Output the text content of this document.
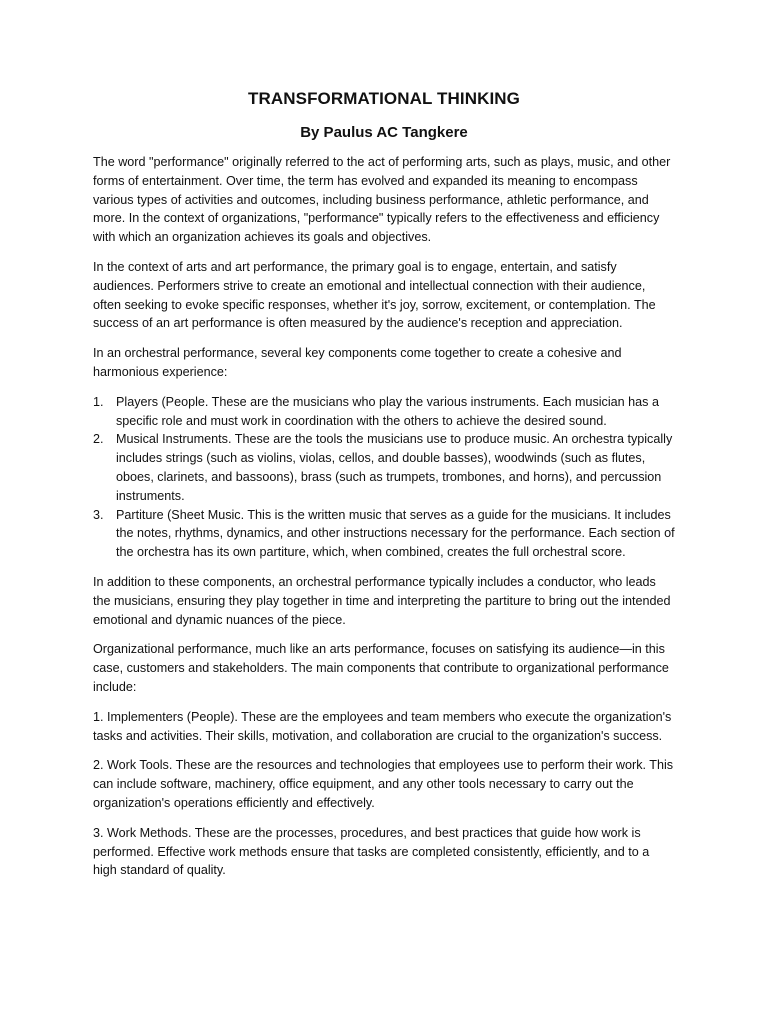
TRANSFORMATIONAL THINKING
By Paulus AC Tangkere

The word "performance" originally referred to the act of performing arts, such as plays, music, and other forms of entertainment. Over time, the term has evolved and expanded its meaning to encompass various types of activities and outcomes, including business performance, athletic performance, and more. In the context of organizations, "performance" typically refers to the effectiveness and efficiency with which an organization achieves its goals and objectives.

In the context of arts and art performance, the primary goal is to engage, entertain, and satisfy audiences. Performers strive to create an emotional and intellectual connection with their audience, often seeking to evoke specific responses, whether it's joy, sorrow, excitement, or contemplation. The success of an art performance is often measured by the audience's reception and appreciation.

In an orchestral performance, several key components come together to create a cohesive and harmonious experience:

1. Players (People. These are the musicians who play the various instruments. Each musician has a specific role and must work in coordination with the others to achieve the desired sound.
2. Musical Instruments. These are the tools the musicians use to produce music. An orchestra typically includes strings (such as violins, violas, cellos, and double basses), woodwinds (such as flutes, oboes, clarinets, and bassoons), brass (such as trumpets, trombones, and horns), and percussion instruments.
3. Partiture (Sheet Music. This is the written music that serves as a guide for the musicians. It includes the notes, rhythms, dynamics, and other instructions necessary for the performance. Each section of the orchestra has its own partiture, which, when combined, creates the full orchestral score.

In addition to these components, an orchestral performance typically includes a conductor, who leads the musicians, ensuring they play together in time and interpreting the partiture to bring out the intended emotional and dynamic nuances of the piece.

Organizational performance, much like an arts performance, focuses on satisfying its audience—in this case, customers and stakeholders. The main components that contribute to organizational performance include:

1. Implementers (People). These are the employees and team members who execute the organization's tasks and activities. Their skills, motivation, and collaboration are crucial to the organization's success.

2. Work Tools. These are the resources and technologies that employees use to perform their work. This can include software, machinery, office equipment, and any other tools necessary to carry out the organization's operations efficiently and effectively.

3. Work Methods. These are the processes, procedures, and best practices that guide how work is performed. Effective work methods ensure that tasks are completed consistently, efficiently, and to a high standard of quality.
